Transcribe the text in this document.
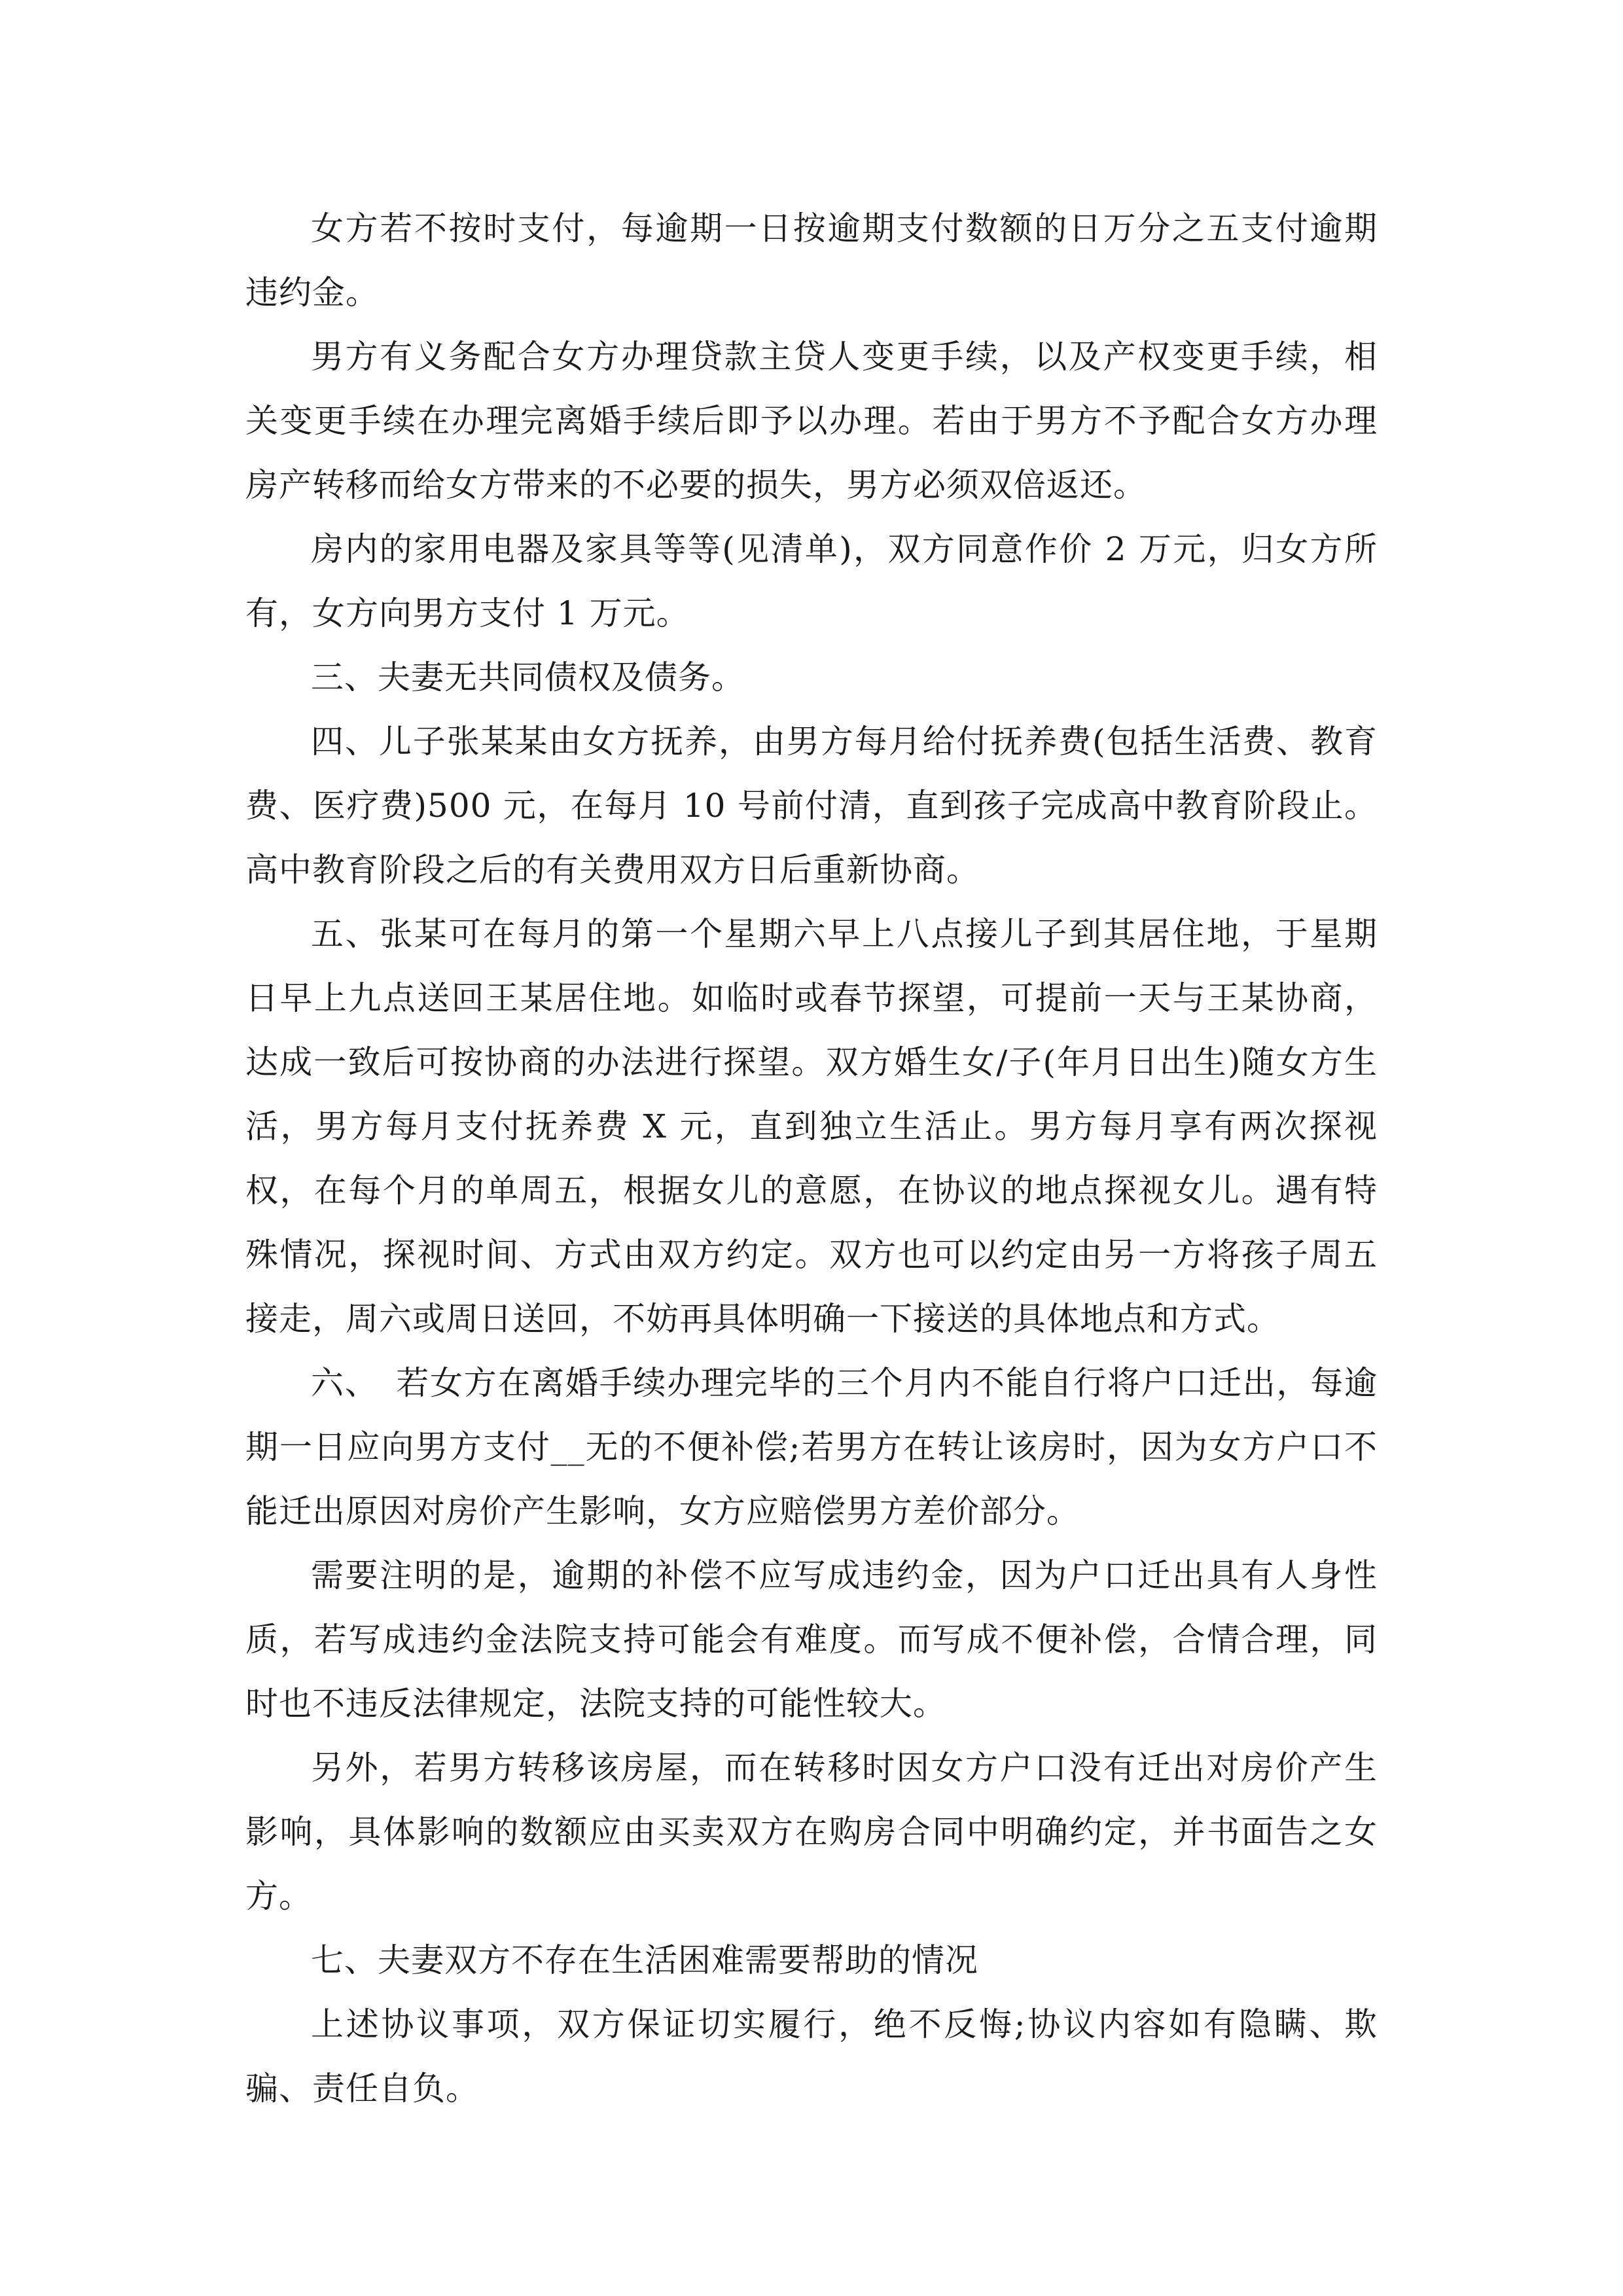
女方若不按时支付，每逾期一日按逾期支付数额的日万分之五支付逾期违约金。

男方有义务配合女方办理贷款主贷人变更手续，以及产权变更手续，相关变更手续在办理完离婚手续后即予以办理。若由于男方不予配合女方办理房产转移而给女方带来的不必要的损失，男方必须双倍返还。

房内的家用电器及家具等等(见清单)，双方同意作价 2 万元，归女方所有，女方向男方支付 1 万元。

三、夫妻无共同债权及债务。

四、儿子张某某由女方抚养，由男方每月给付抚养费(包括生活费、教育费、医疗费)500 元，在每月 10 号前付清，直到孩子完成高中教育阶段止。高中教育阶段之后的有关费用双方日后重新协商。

五、张某可在每月的第一个星期六早上八点接儿子到其居住地，于星期日早上九点送回王某居住地。如临时或春节探望，可提前一天与王某协商，达成一致后可按协商的办法进行探望。双方婚生女/子(年月日出生)随女方生活，男方每月支付抚养费 X 元，直到独立生活止。男方每月享有两次探视权，在每个月的单周五，根据女儿的意愿，在协议的地点探视女儿。遇有特殊情况，探视时间、方式由双方约定。双方也可以约定由另一方将孩子周五接走，周六或周日送回，不妨再具体明确一下接送的具体地点和方式。

六、　若女方在离婚手续办理完毕的三个月内不能自行将户口迁出，每逾期一日应向男方支付__无的不便补偿;若男方在转让该房时，因为女方户口不能迁出原因对房价产生影响，女方应赔偿男方差价部分。

需要注明的是，逾期的补偿不应写成违约金，因为户口迁出具有人身性质，若写成违约金法院支持可能会有难度。而写成不便补偿，合情合理，同时也不违反法律规定，法院支持的可能性较大。

另外，若男方转移该房屋，而在转移时因女方户口没有迁出对房价产生影响，具体影响的数额应由买卖双方在购房合同中明确约定，并书面告之女方。

七、夫妻双方不存在生活困难需要帮助的情况

上述协议事项，双方保证切实履行，绝不反悔;协议内容如有隐瞒、欺骗、责任自负。
